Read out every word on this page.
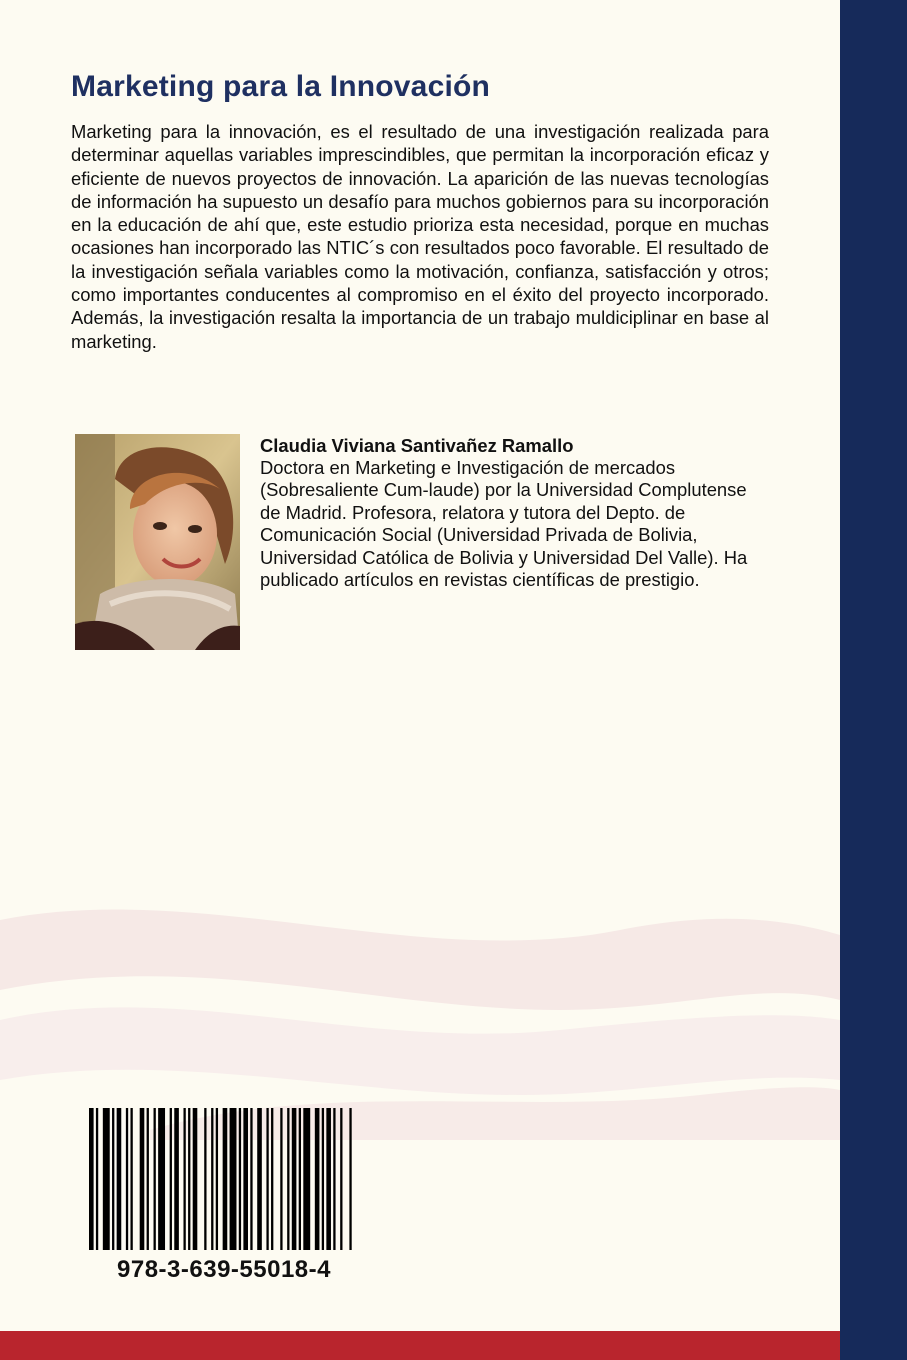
Marketing para la Innovación

Marketing para la innovación, es el resultado de una investigación realizada para determinar aquellas variables imprescindibles, que permitan la incorporación eficaz y eficiente de nuevos proyectos de innovación. La aparición de las nuevas tecnologías de información ha supuesto un desafío para muchos gobiernos para su incorporación en la educación de ahí que, este estudio prioriza esta necesidad, porque en muchas ocasiones han incorporado las NTIC´s con resultados poco favorable. El resultado de la investigación señala variables como la motivación, confianza, satisfacción y otros; como importantes conducentes al compromiso en el éxito del proyecto incorporado. Además, la investigación resalta la importancia de un trabajo muldiciplinar en base al marketing.

Claudia Viviana Santivañez Ramallo

Doctora en Marketing e Investigación de mercados (Sobresaliente Cum-laude) por la Universidad Complutense de Madrid. Profesora, relatora y tutora del Depto. de Comunicación Social (Universidad Privada de Bolivia, Universidad Católica de Bolivia y Universidad Del Valle). Ha publicado artículos en revistas científicas de prestigio.

978-3-639-55018-4
